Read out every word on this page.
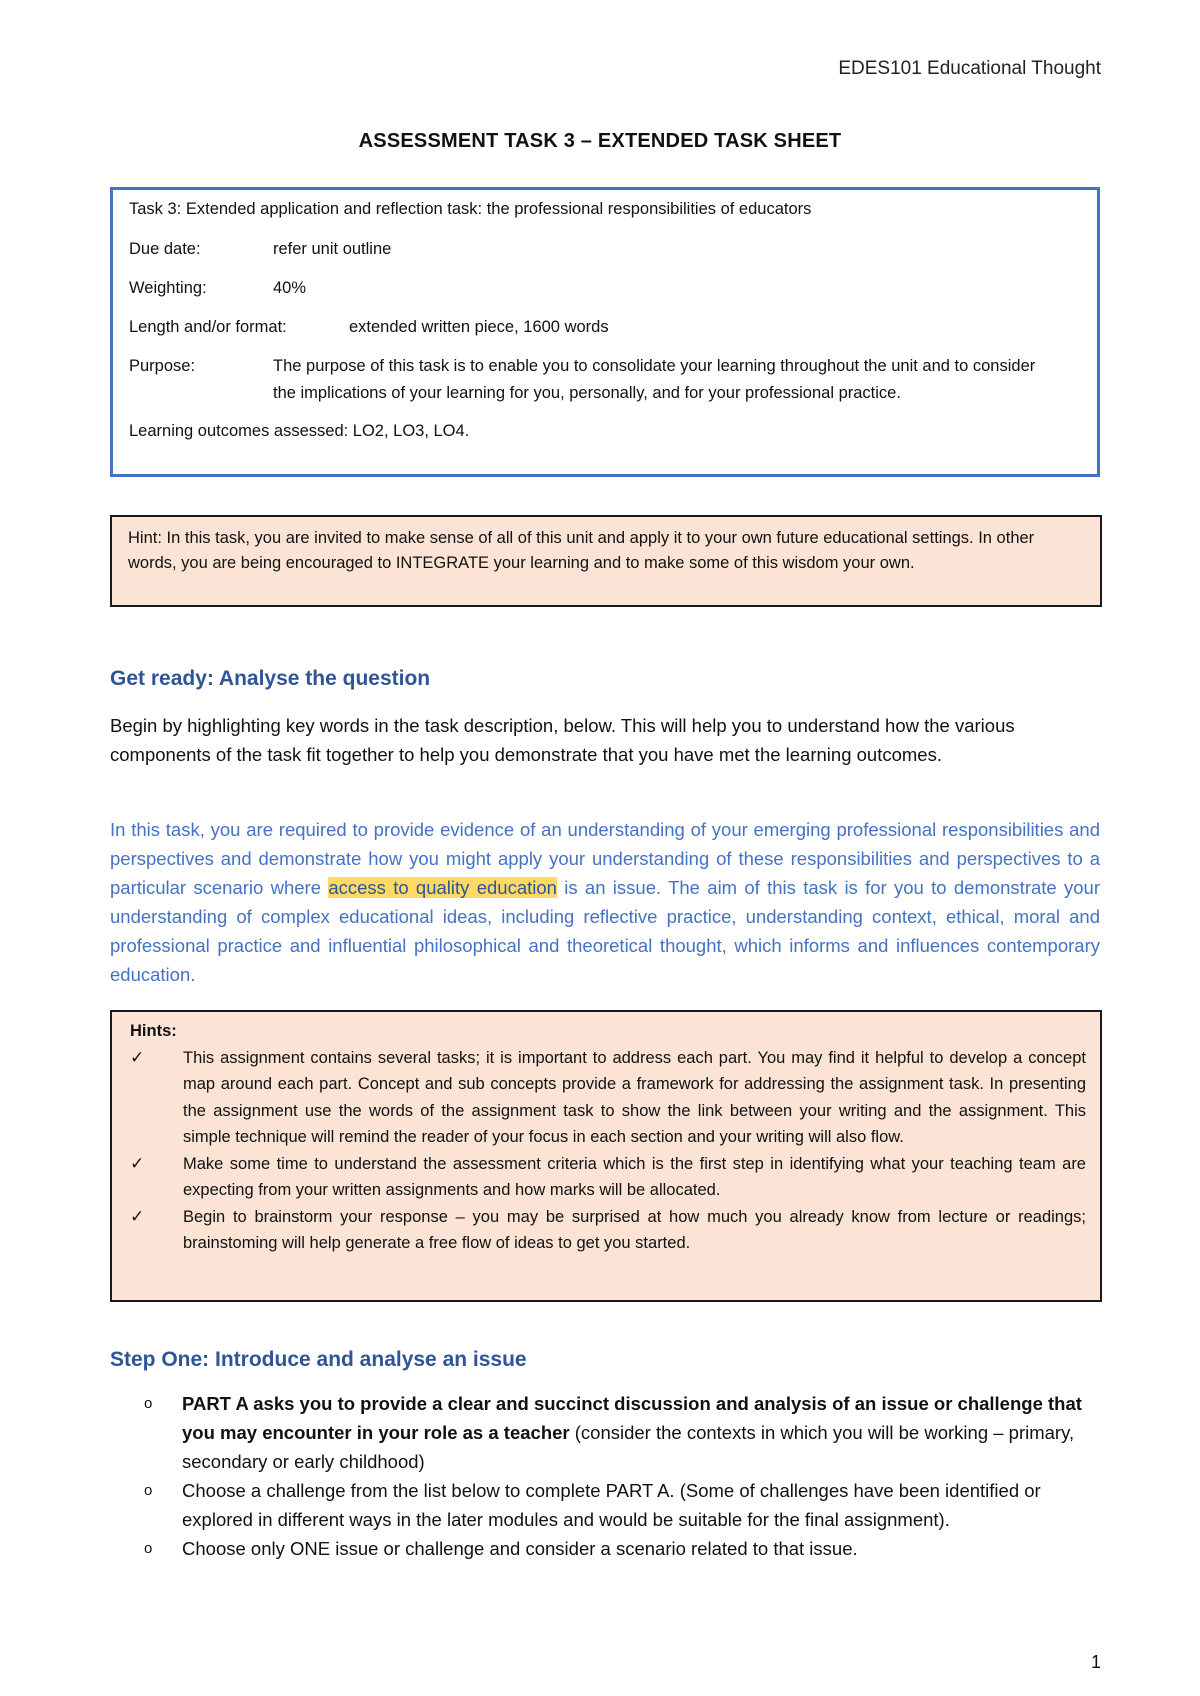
EDES101 Educational Thought
ASSESSMENT TASK 3 – EXTENDED TASK SHEET
Task 3: Extended application and reflection task: the professional responsibilities of educators
Due date:	refer unit outline
Weighting:	40%
Length and/or format:	extended written piece, 1600 words
Purpose:	The purpose of this task is to enable you to consolidate your learning throughout the unit and to consider the implications of your learning for you, personally, and for your professional practice.
Learning outcomes assessed: LO2, LO3, LO4.
Hint: In this task, you are invited to make sense of all of this unit and apply it to your own future educational settings. In other words, you are being encouraged to INTEGRATE your learning and to make some of this wisdom your own.
Get ready: Analyse the question
Begin by highlighting key words in the task description, below. This will help you to understand how the various components of the task fit together to help you demonstrate that you have met the learning outcomes.
In this task, you are required to provide evidence of an understanding of your emerging professional responsibilities and perspectives and demonstrate how you might apply your understanding of these responsibilities and perspectives to a particular scenario where access to quality education is an issue. The aim of this task is for you to demonstrate your understanding of complex educational ideas, including reflective practice, understanding context, ethical, moral and professional practice and influential philosophical and theoretical thought, which informs and influences contemporary education.
Hints:
✓ This assignment contains several tasks; it is important to address each part. You may find it helpful to develop a concept map around each part. Concept and sub concepts provide a framework for addressing the assignment task. In presenting the assignment use the words of the assignment task to show the link between your writing and the assignment. This simple technique will remind the reader of your focus in each section and your writing will also flow.
✓ Make some time to understand the assessment criteria which is the first step in identifying what your teaching team are expecting from your written assignments and how marks will be allocated.
✓ Begin to brainstorm your response – you may be surprised at how much you already know from lecture or readings; brainstoming will help generate a free flow of ideas to get you started.
Step One: Introduce and analyse an issue
o PART A asks you to provide a clear and succinct discussion and analysis of an issue or challenge that you may encounter in your role as a teacher (consider the contexts in which you will be working – primary, secondary or early childhood)
o Choose a challenge from the list below to complete PART A. (Some of challenges have been identified or explored in different ways in the later modules and would be suitable for the final assignment).
o Choose only ONE issue or challenge and consider a scenario related to that issue.
1
